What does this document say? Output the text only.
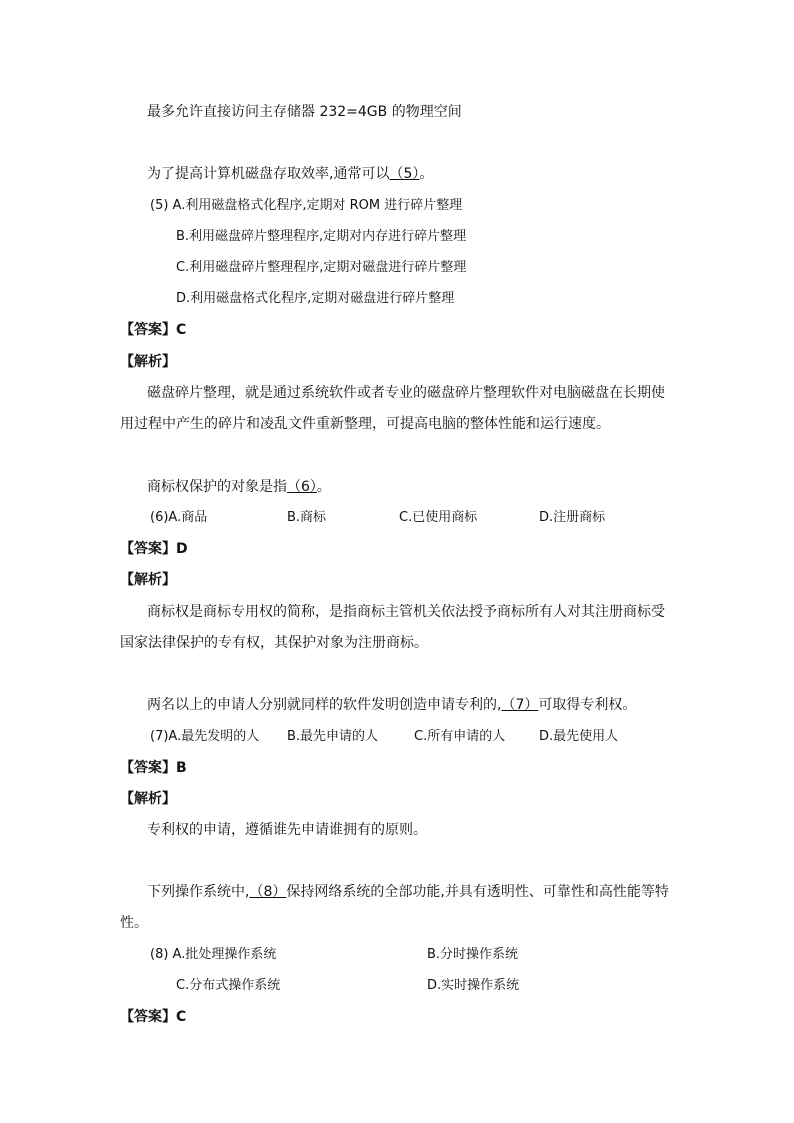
最多允许直接访问主存储器 232=4GB 的物理空间
为了提高计算机磁盘存取效率,通常可以（5）。
(5) A.利用磁盘格式化程序,定期对 ROM 进行碎片整理
B.利用磁盘碎片整理程序,定期对内存进行碎片整理
C.利用磁盘碎片整理程序,定期对磁盘进行碎片整理
D.利用磁盘格式化程序,定期对磁盘进行碎片整理
【答案】C
【解析】
磁盘碎片整理，就是通过系统软件或者专业的磁盘碎片整理软件对电脑磁盘在长期使
用过程中产生的碎片和凌乱文件重新整理，可提高电脑的整体性能和运行速度。
商标权保护的对象是指（6）。
(6)A.商品	B.商标	C.已使用商标	D.注册商标
【答案】D
【解析】
商标权是商标专用权的简称，是指商标主管机关依法授予商标所有人对其注册商标受
国家法律保护的专有权，其保护对象为注册商标。
两名以上的申请人分别就同样的软件发明创造申请专利的,（7）可取得专利权。
(7)A.最先发明的人 B.最先申请的人	C.所有申请的人	D.最先使用人
【答案】B
【解析】
专利权的申请，遵循谁先申请谁拥有的原则。
下列操作系统中,（8）保持网络系统的全部功能,并具有透明性、可靠性和高性能等特
性。
(8) A.批处理操作系统	B.分时操作系统
C.分布式操作系统	D.实时操作系统
【答案】C
